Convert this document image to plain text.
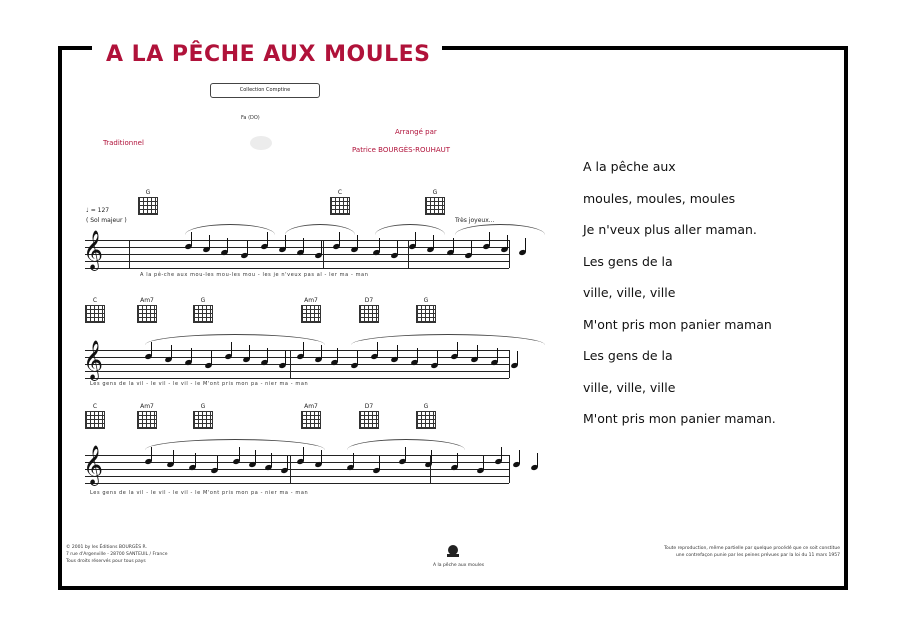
A LA PÊCHE AUX MOULES
Collection Comptine
Fa (DO)
Traditionnel
Arrangé par
Patrice BOURGÈS-ROUHAUT
♩ = 127
( Sol majeur )	Très joyeux...
G	C	G
C	Am7	G	Am7	D7	G
C	Am7	G	Am7	D7	G
𝄞
𝄞
𝄞
A la pê-che aux mou-les mou-les mou - les je n'veux pas al - ler ma - man
Les gens de la vil - le vil - le vil - le M'ont pris mon pa - nier ma - man
Les gens de la vil - le vil - le vil - le M'ont pris mon pa - nier ma - man
A la pêche aux
moules, moules, moules
Je n'veux plus aller maman.
Les gens de la
ville, ville, ville
M'ont pris mon panier maman
Les gens de la
ville, ville, ville
M'ont pris mon panier maman.
© 2001 by les Éditions BOURGÈS R.
7 rue d'Argenville - 28700 SANTEUIL / France
Tous droits réservés pour tous pays
A la pêche aux moules
Toute reproduction, même partielle par quelque procédé que ce soit constitue une contrefaçon punie par les peines prévues par la loi du 11 mars 1957
